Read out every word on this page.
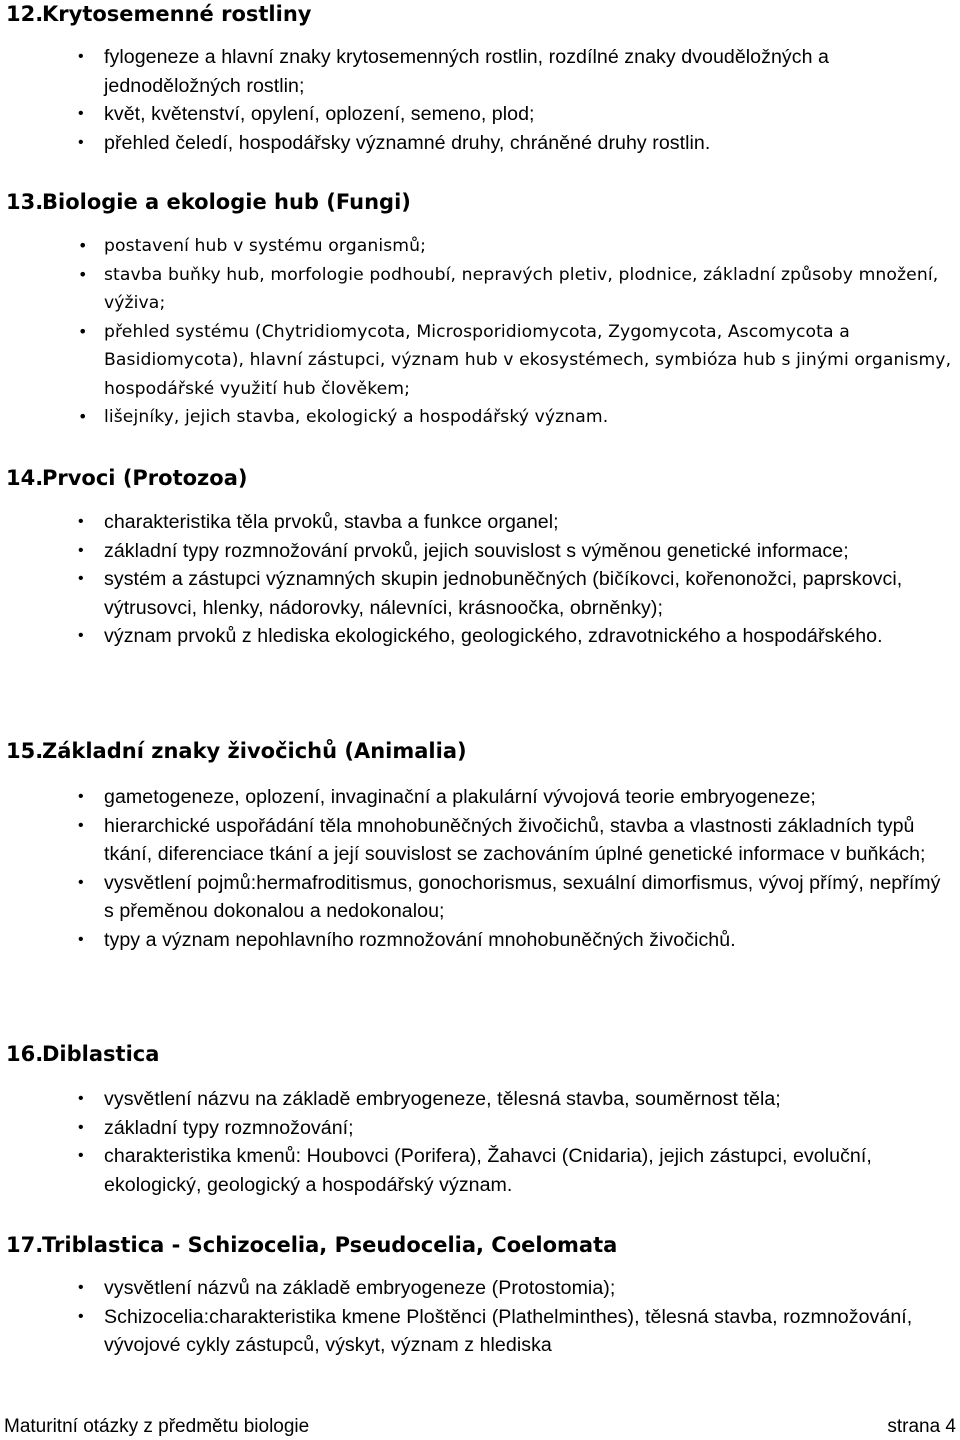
12.Krytosemenné rostliny
• fylogeneze a hlavní znaky krytosemenných rostlin, rozdílné znaky dvouděložných a jednoděložných rostlin;
• květ, květenství, opylení, oplození, semeno, plod;
• přehled čeledí, hospodářsky významné druhy, chráněné druhy rostlin.
13.Biologie a ekologie hub (Fungi)
• postavení hub v systému organismů;
• stavba buňky hub, morfologie podhoubí, nepravých pletiv, plodnice, základní způsoby množení, výživa;
• přehled systému (Chytridiomycota, Microsporidiomycota, Zygomycota, Ascomycota a Basidiomycota), hlavní zástupci, význam hub v ekosystémech, symbióza hub s jinými organismy, hospodářské využití hub člověkem;
• lišejníky, jejich stavba, ekologický a hospodářský význam.
14.Prvoci (Protozoa)
• charakteristika těla prvoků, stavba a funkce organel;
• základní typy rozmnožování prvoků, jejich souvislost s výměnou genetické informace;
• systém a zástupci významných skupin jednobuněčných (bičíkovci, kořenonožci, paprskovci, výtrusovci, hlenky, nádorovky, nálevníci, krásnoočka, obrněnky);
• význam prvoků z hlediska ekologického, geologického, zdravotnického a hospodářského.
15.Základní znaky živočichů (Animalia)
• gametogeneze, oplození, invaginační a plakulární vývojová teorie embryogeneze;
• hierarchické uspořádání těla mnohobuněčných živočichů, stavba a vlastnosti základních typů tkání, diferenciace tkání a její souvislost se zachováním úplné genetické informace v buňkách;
• vysvětlení pojmů:hermafroditismus, gonochorismus, sexuální dimorfismus, vývoj přímý, nepřímý s přeměnou dokonalou a nedokonalou;
• typy a význam nepohlavního rozmnožování mnohobuněčných živočichů.
16.Diblastica
• vysvětlení názvu na základě embryogeneze, tělesná stavba, souměrnost těla;
• základní typy rozmnožování;
• charakteristika kmenů: Houbovci (Porifera), Žahavci (Cnidaria), jejich zástupci, evoluční, ekologický, geologický a hospodářský význam.
17.Triblastica - Schizocelia, Pseudocelia, Coelomata
• vysvětlení názvů na základě embryogeneze (Protostomia);
• Schizocelia:charakteristika kmene Ploštěnci (Plathelminthes), tělesná stavba, rozmnožování, vývojové cykly zástupců, výskyt, význam z hlediska
Maturitní otázky z předmětu biologie	strana 4
